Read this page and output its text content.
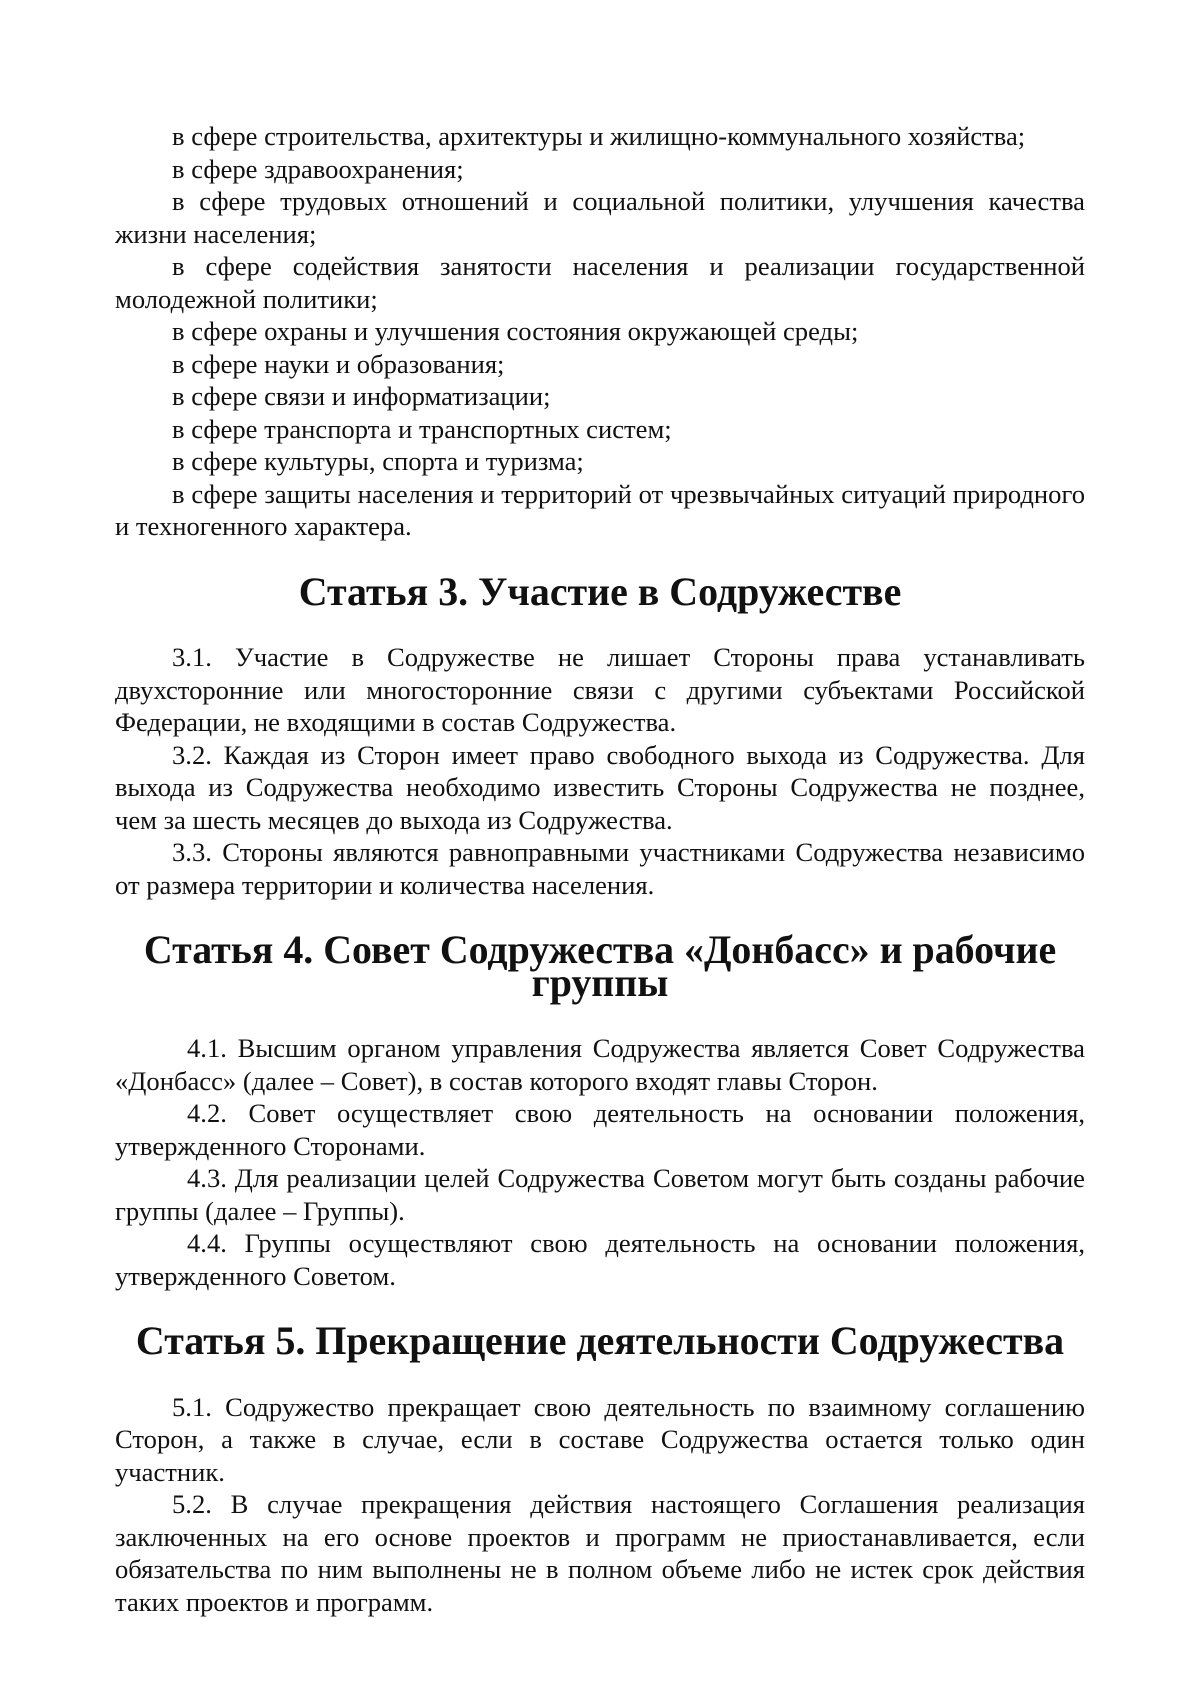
в сфере строительства, архитектуры и жилищно-коммунального хозяйства;

в сфере здравоохранения;

в сфере трудовых отношений и социальной политики, улучшения качества жизни населения;

в сфере содействия занятости населения и реализации государственной молодежной политики;

в сфере охраны и улучшения состояния окружающей среды;

в сфере науки и образования;

в сфере связи и информатизации;

в сфере транспорта и транспортных систем;

в сфере культуры, спорта и туризма;

в сфере защиты населения и территорий от чрезвычайных ситуаций природного и техногенного характера.

Статья 3. Участие в Содружестве

3.1. Участие в Содружестве не лишает Стороны права устанавливать двухсторонние или многосторонние связи с другими субъектами Российской Федерации, не входящими в состав Содружества.

3.2. Каждая из Сторон имеет право свободного выхода из Содружества. Для выхода из Содружества необходимо известить Стороны Содружества не позднее, чем за шесть месяцев до выхода из Содружества.

3.3. Стороны являются равноправными участниками Содружества независимо от размера территории и количества населения.

Статья 4. Совет Содружества «Донбасс» и рабочие группы

4.1. Высшим органом управления Содружества является Совет Содружества «Донбасс» (далее – Совет), в состав которого входят главы Сторон.

4.2. Совет осуществляет свою деятельность на основании положения, утвержденного Сторонами.

4.3. Для реализации целей Содружества Советом могут быть созданы рабочие группы (далее – Группы).

4.4. Группы осуществляют свою деятельность на основании положения, утвержденного Советом.

Статья 5. Прекращение деятельности Содружества

5.1. Содружество прекращает свою деятельность по взаимному соглашению Сторон, а также в случае, если в составе Содружества остается только один участник.

5.2. В случае прекращения действия настоящего Соглашения реализация заключенных на его основе проектов и программ не приостанавливается, если обязательства по ним выполнены не в полном объеме либо не истек срок действия таких проектов и программ.
